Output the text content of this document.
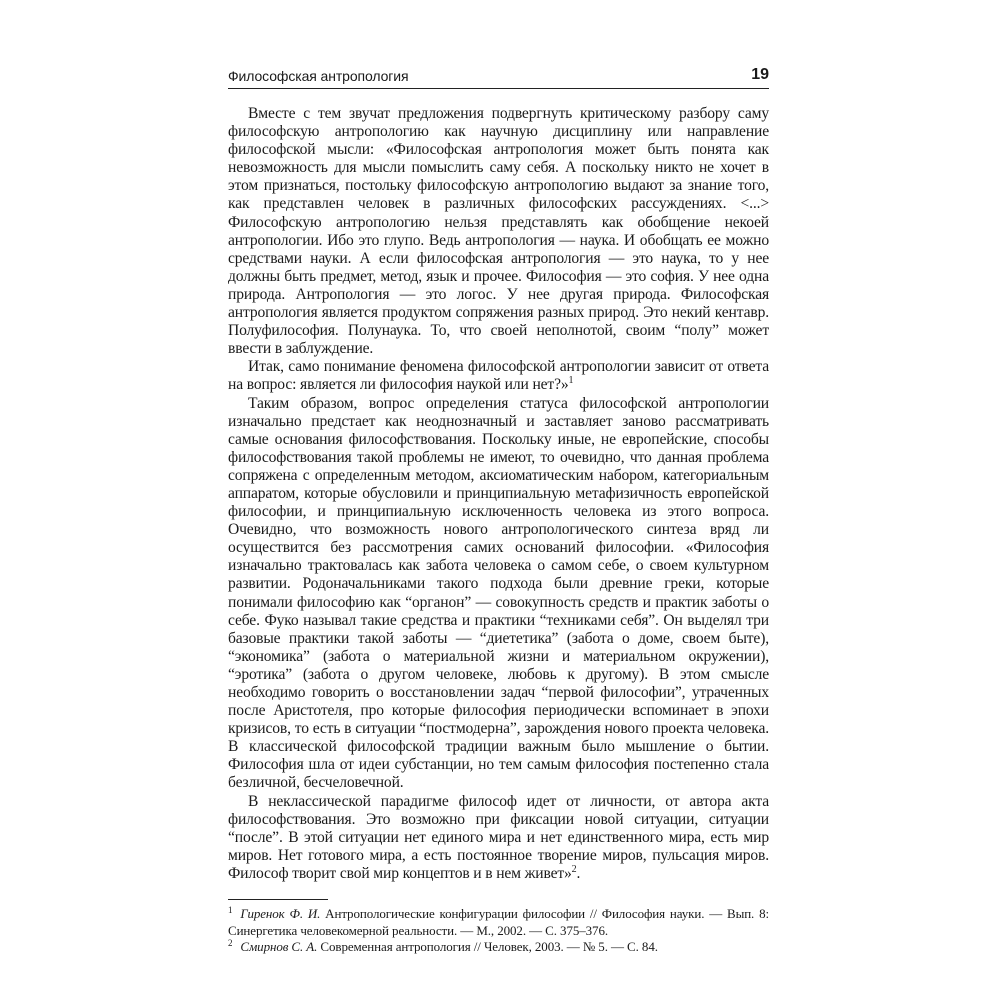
Философская антропология	19

Вместе с тем звучат предложения подвергнуть критическому разбору саму философскую антропологию как научную дисциплину или направление философской мысли: «Философская антропология может быть понята как невозможность для мысли помыслить саму себя. А поскольку никто не хочет в этом признаться, постольку философскую антропологию выдают за знание того, как представлен человек в различных философских рассуждениях. <...> Философскую антропологию нельзя представлять как обобщение некоей антропологии. Ибо это глупо. Ведь антропология — наука. И обобщать ее можно средствами науки. А если философская антропология — это наука, то у нее должны быть предмет, метод, язык и прочее. Философия — это софия. У нее одна природа. Антропология — это логос. У нее другая природа. Философская антропология является продуктом сопряжения разных природ. Это некий кентавр. Полуфилософия. Полунаука. То, что своей неполнотой, своим “полу” может ввести в заблуждение.

Итак, само понимание феномена философской антропологии зависит от ответа на вопрос: является ли философия наукой или нет?»$^1$

Таким образом, вопрос определения статуса философской антропологии изначально предстает как неоднозначный и заставляет заново рассматривать самые основания философствования. Поскольку иные, не европейские, способы философствования такой проблемы не имеют, то очевидно, что данная проблема сопряжена с определенным методом, аксиоматическим набором, категориальным аппаратом, которые обусловили и принципиальную метафизичность европейской философии, и принципиальную исключенность человека из этого вопроса. Очевидно, что возможность нового антропологического синтеза вряд ли осуществится без рассмотрения самих оснований философии. «Философия изначально трактовалась как забота человека о самом себе, о своем культурном развитии. Родоначальниками такого подхода были древние греки, которые понимали философию как “органон” — совокупность средств и практик заботы о себе. Фуко называл такие средства и практики “техниками себя”. Он выделял три базовые практики такой заботы — “диететика” (забота о доме, своем быте), “экономика” (забота о материальной жизни и материальном окружении), “эротика” (забота о другом человеке, любовь к другому). В этом смысле необходимо говорить о восстановлении задач “первой философии”, утраченных после Аристотеля, про которые философия периодически вспоминает в эпохи кризисов, то есть в ситуации “постмодерна”, зарождения нового проекта человека. В классической философской традиции важным было мышление о бытии. Философия шла от идеи субстанции, но тем самым философия постепенно стала безличной, бесчеловечной.

В неклассической парадигме философ идет от личности, от автора акта философствования. Это возможно при фиксации новой ситуации, ситуации “после”. В этой ситуации нет единого мира и нет единственного мира, есть мир миров. Нет готового мира, а есть постоянное творение миров, пульсация миров. Философ творит свой мир концептов и в нем живет»$^2$.

$^1$ Гиренок Ф. И. Антропологические конфигурации философии // Философия науки. — Вып. 8: Синергетика человекомерной реальности. — М., 2002. — С. 375–376.

$^2$ Смирнов С. А. Современная антропология // Человек, 2003. — № 5. — С. 84.
